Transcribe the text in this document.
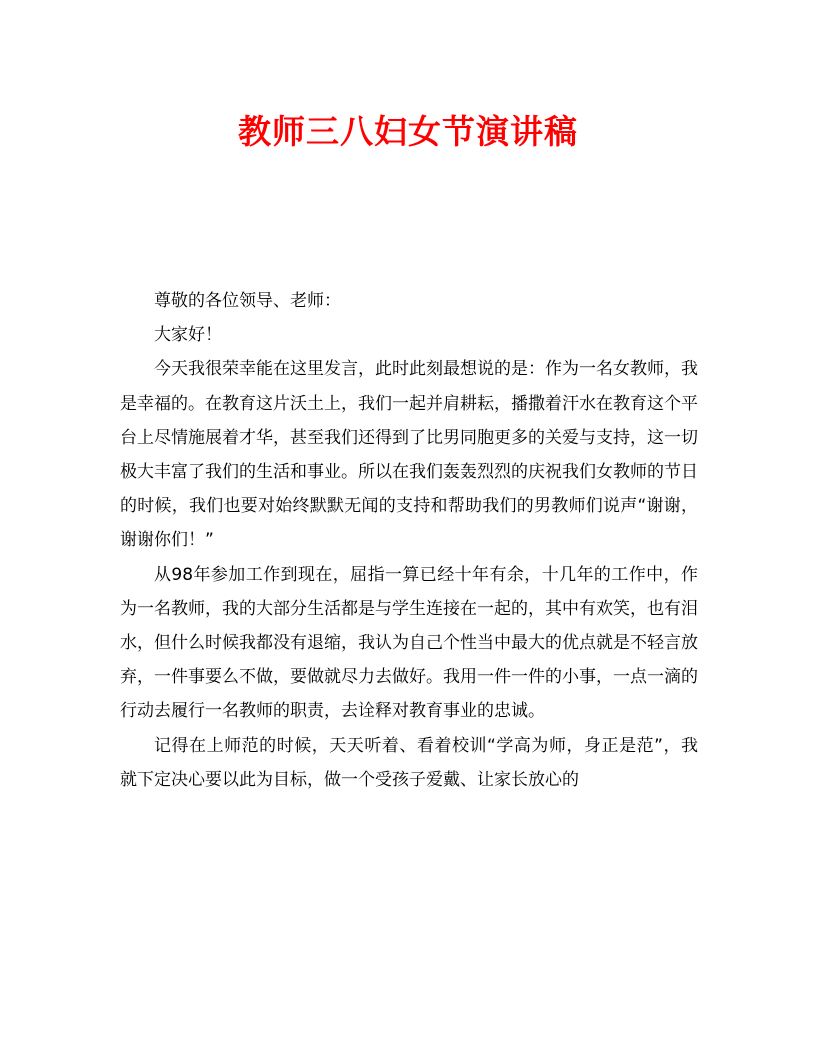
教师三八妇女节演讲稿

尊敬的各位领导、老师：

大家好！

今天我很荣幸能在这里发言，此时此刻最想说的是：作为一名女教师，我是幸福的。在教育这片沃土上，我们一起并肩耕耘，播撒着汗水在教育这个平台上尽情施展着才华，甚至我们还得到了比男同胞更多的关爱与支持，这一切极大丰富了我们的生活和事业。所以在我们轰轰烈烈的庆祝我们女教师的节日的时候，我们也要对始终默默无闻的支持和帮助我们的男教师们说声“谢谢，谢谢你们！”

从98年参加工作到现在，屈指一算已经十年有余，十几年的工作中，作为一名教师，我的大部分生活都是与学生连接在一起的，其中有欢笑，也有泪水，但什么时候我都没有退缩，我认为自己个性当中最大的优点就是不轻言放弃，一件事要么不做，要做就尽力去做好。我用一件一件的小事，一点一滴的行动去履行一名教师的职责，去诠释对教育事业的忠诚。

记得在上师范的时候，天天听着、看着校训“学高为师，身正是范”，我就下定决心要以此为目标，做一个受孩子爱戴、让家长放心的
